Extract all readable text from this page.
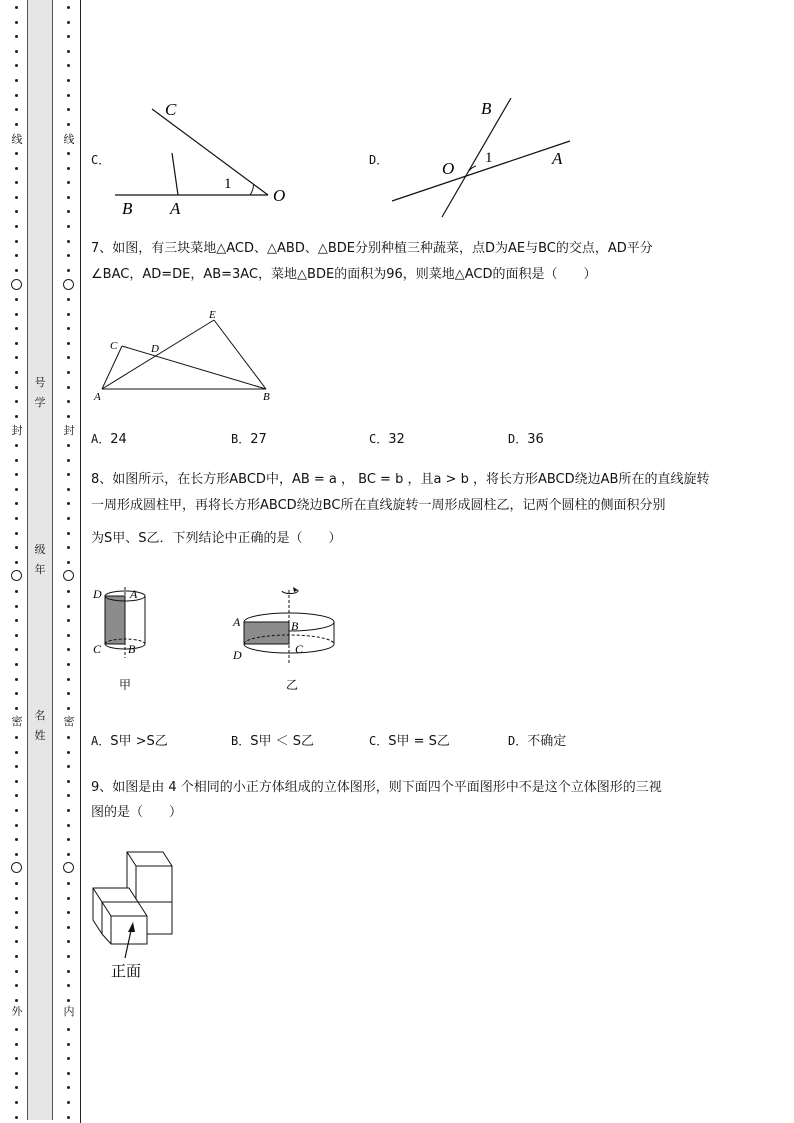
线
封
密
外
线
封
密
内
号学
级年
名姓
C．
C
B A
O
1
D．
B
O
A
1
7、如图，有三块菜地△ACD、△ABD、△BDE分别种植三种蔬菜，点D为AE与BC的交点，AD平分
∠BAC，AD=DE，AB=3AC，菜地△BDE的面积为96，则菜地△ACD的面积是（　　）
C	D
E
A	B
A．24	B．27	C．32	D．36
8、如图所示，在长方形ABCD中，AB = a ， BC = b ，且a > b ，将长方形ABCD绕边AB所在的直线旋转
一周形成圆柱甲，再将长方形ABCD绕边BC所在直线旋转一周形成圆柱乙，记两个圆柱的侧面积分别
为S甲、S乙．下列结论中正确的是（　　）
D A
C B
甲
A	B
D	C
乙
A．S甲 >S乙	B．S甲 ＜ S乙	C．S甲 = S乙	D．不确定
9、如图是由 4 个相同的小正方体组成的立体图形，则下面四个平面图形中不是这个立体图形的三视
图的是（　　）
正面
